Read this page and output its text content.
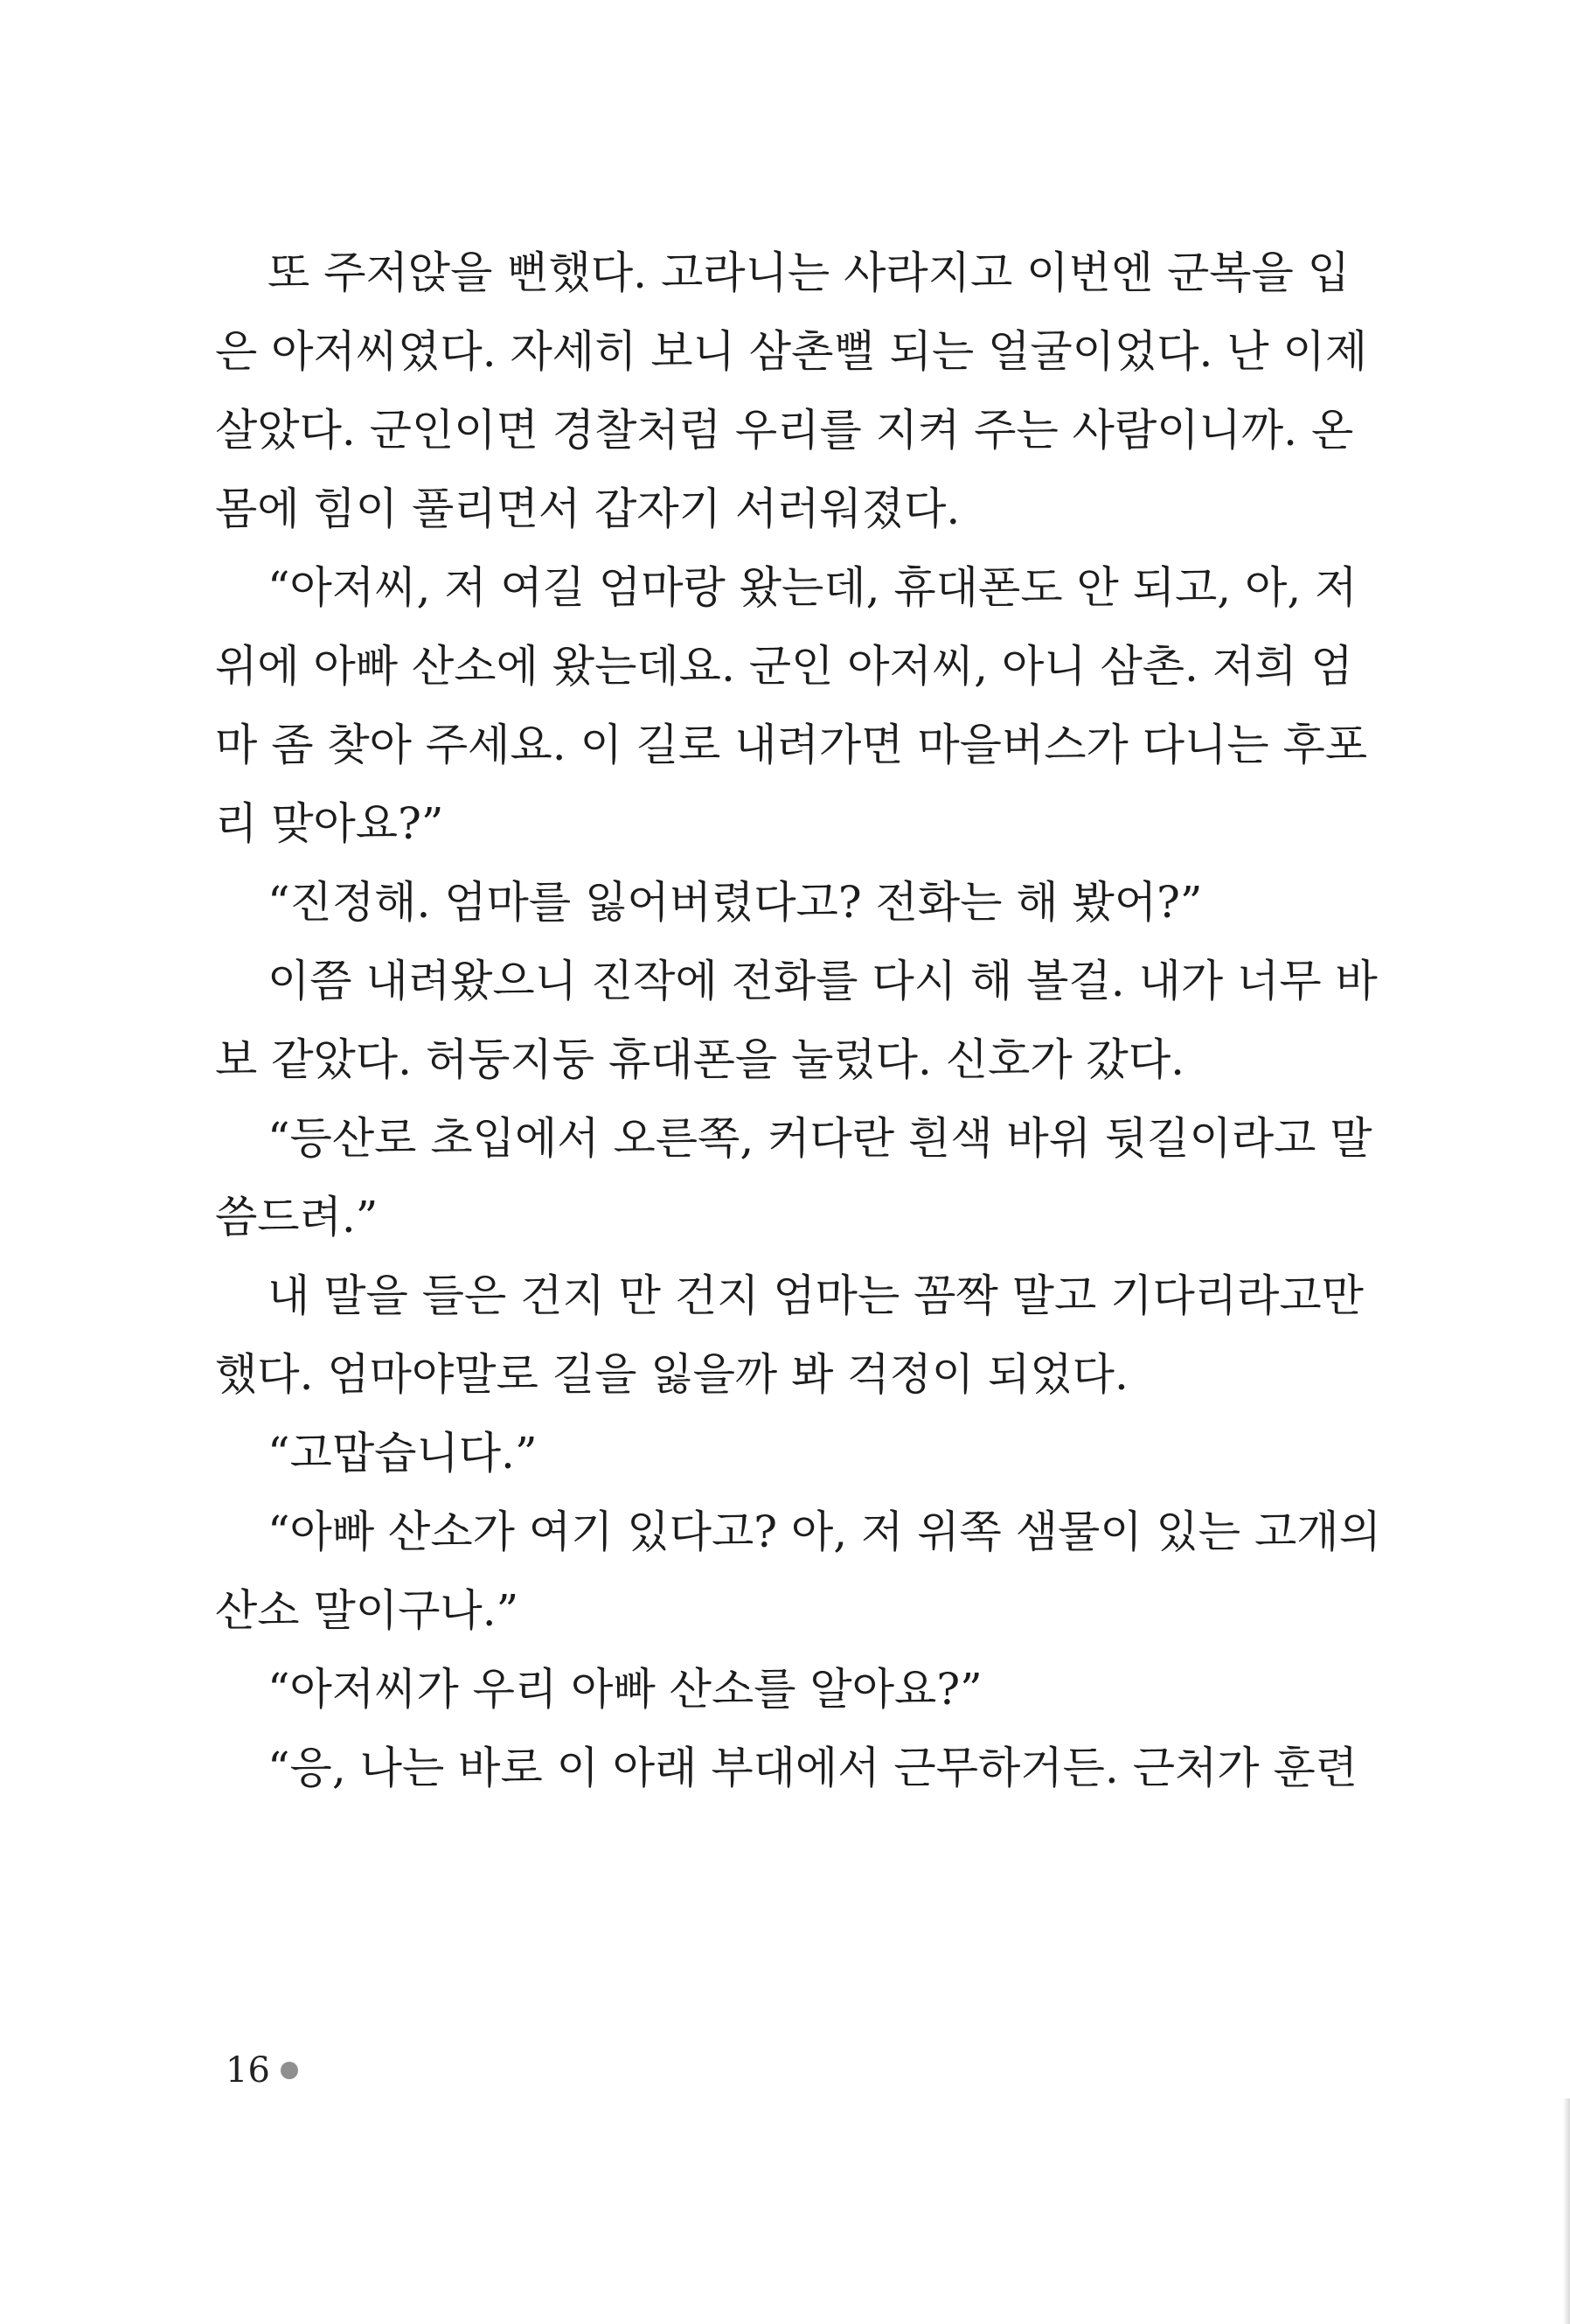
또 주저앉을 뻔했다. 고라니는 사라지고 이번엔 군복을 입
은 아저씨였다. 자세히 보니 삼촌뻘 되는 얼굴이었다. 난 이제
살았다. 군인이면 경찰처럼 우리를 지켜 주는 사람이니까. 온
몸에 힘이 풀리면서 갑자기 서러워졌다.
“아저씨, 저 여길 엄마랑 왔는데, 휴대폰도 안 되고, 아, 저
위에 아빠 산소에 왔는데요. 군인 아저씨, 아니 삼촌. 저희 엄
마 좀 찾아 주세요. 이 길로 내려가면 마을버스가 다니는 후포
리 맞아요?”
“진정해. 엄마를 잃어버렸다고? 전화는 해 봤어?”
이쯤 내려왔으니 진작에 전화를 다시 해 볼걸. 내가 너무 바
보 같았다. 허둥지둥 휴대폰을 눌렀다. 신호가 갔다.
“등산로 초입에서 오른쪽, 커다란 흰색 바위 뒷길이라고 말
씀드려.”
내 말을 들은 건지 만 건지 엄마는 꼼짝 말고 기다리라고만
했다. 엄마야말로 길을 잃을까 봐 걱정이 되었다.
“고맙습니다.”
“아빠 산소가 여기 있다고? 아, 저 위쪽 샘물이 있는 고개의
산소 말이구나.”
“아저씨가 우리 아빠 산소를 알아요?”
“응, 나는 바로 이 아래 부대에서 근무하거든. 근처가 훈련
16
